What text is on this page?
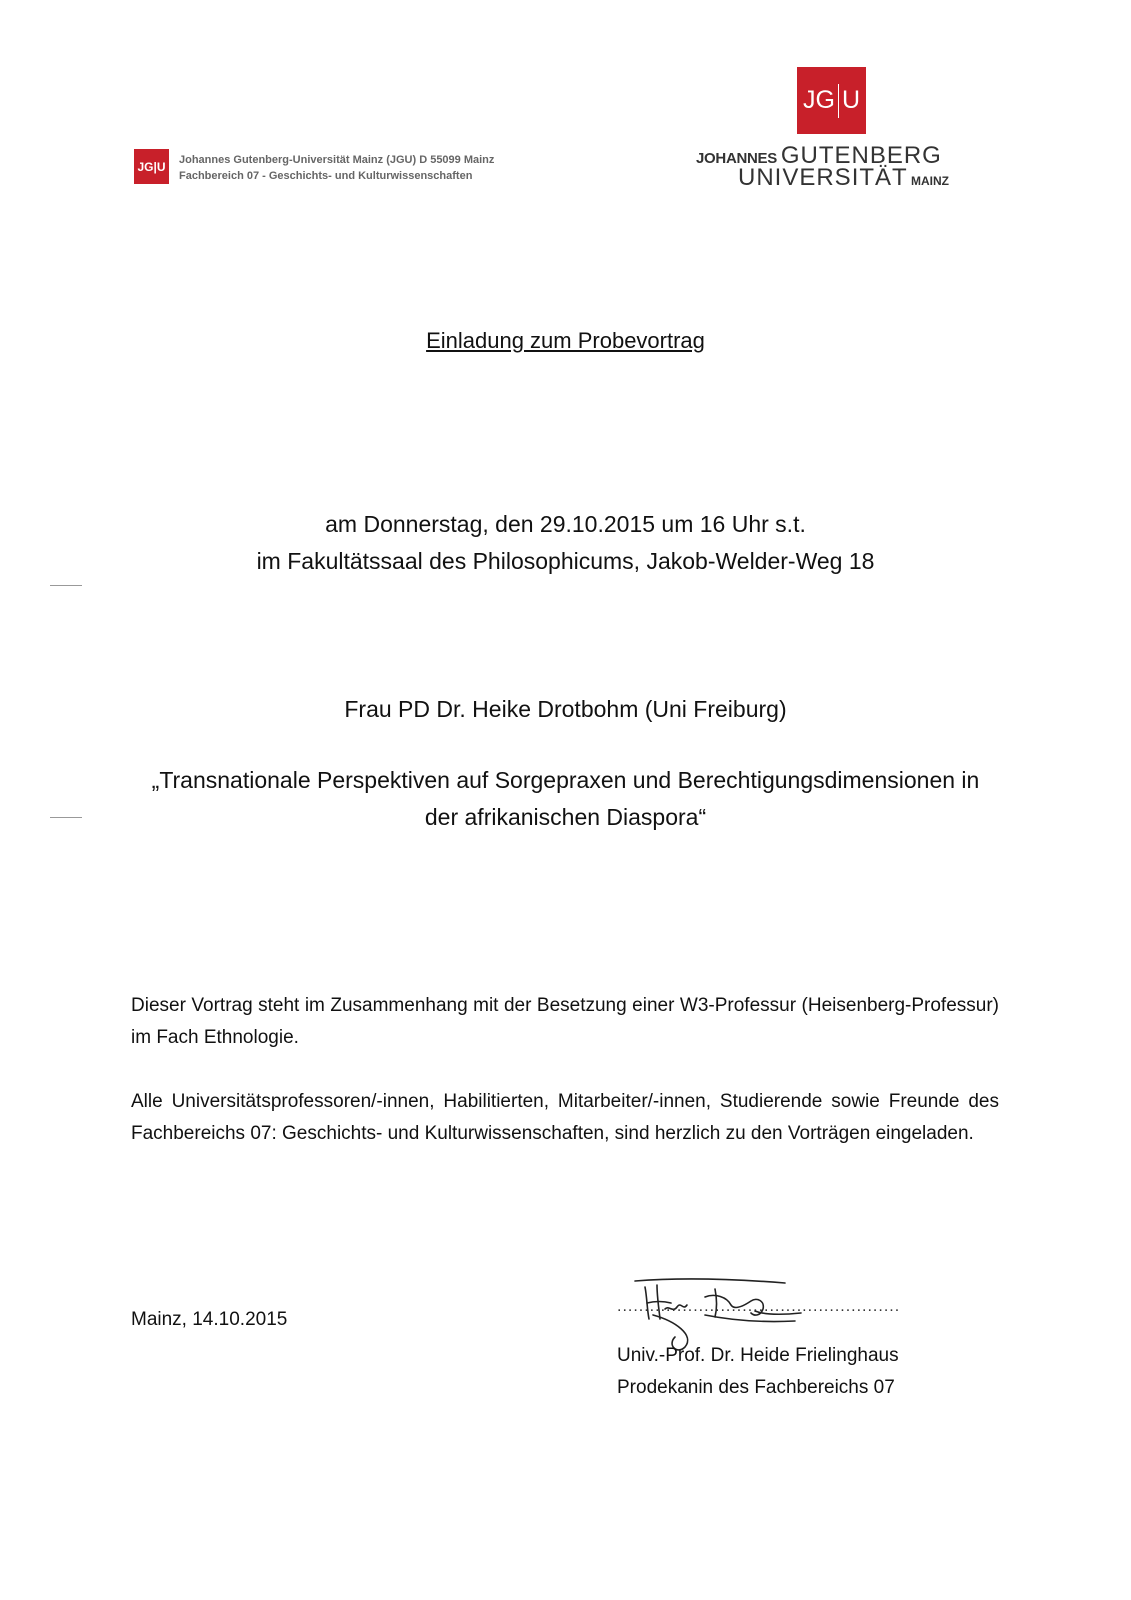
JG|U	Johannes Gutenberg-Universität Mainz (JGU) D 55099 Mainz
Fachbereich 07 - Geschichts- und Kulturwissenschaften
JG U
JOHANNES GUTENBERG
UNIVERSITÄT MAINZ
Einladung zum Probevortrag
am Donnerstag, den 29.10.2015 um 16 Uhr s.t.
im Fakultätssaal des Philosophicums, Jakob-Welder-Weg 18
Frau PD Dr. Heike Drotbohm (Uni Freiburg)
„Transnationale Perspektiven auf Sorgepraxen und Berechtigungsdimensionen in
der afrikanischen Diaspora“
Dieser Vortrag steht im Zusammenhang mit der Besetzung einer W3-Professur (Heisenberg-Professur) im Fach Ethnologie.
Alle Universitätsprofessoren/-innen, Habilitierten, Mitarbeiter/-innen, Studierende sowie Freunde des Fachbereichs 07: Geschichts- und Kulturwissenschaften, sind herzlich zu den Vorträgen eingeladen.
Mainz, 14.10.2015
....................................................
Univ.-Prof. Dr. Heide Frielinghaus
Prodekanin des Fachbereichs 07
